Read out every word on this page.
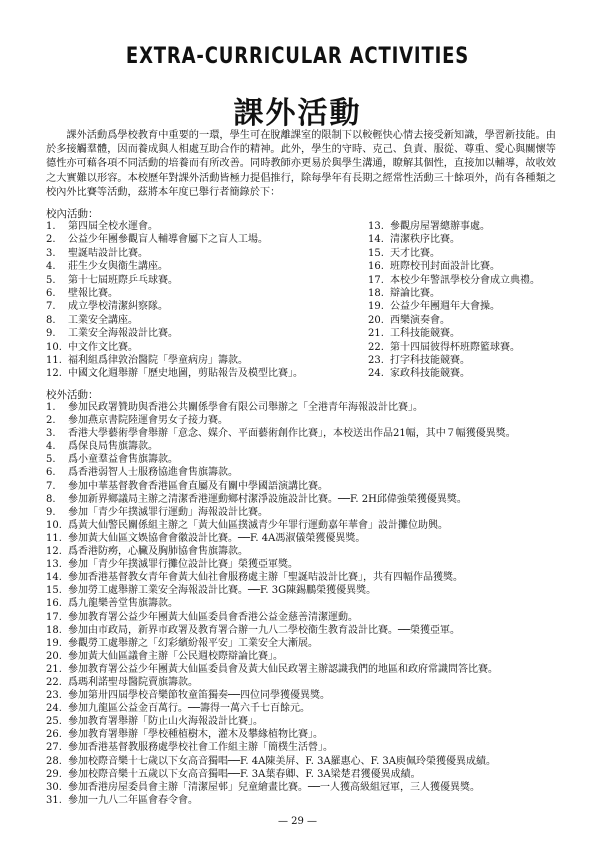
EXTRA-CURRICULAR ACTIVITIES
課外活動

課外活動爲學校教育中重要的一環，學生可在脫離課室的限制下以較輕快心情去接受新知識，學習新技能。由於多接觸羣體，因而養成與人相處互助合作的精神。此外，學生的守時、克己、負責、服從、尊重、愛心與關懷等德性亦可藉各項不同活動的培養而有所改善。同時教師亦更易於與學生溝通，瞭解其個性，直接加以輔導，故收效之大實難以形容。本校歷年對課外活動皆極力提倡推行，除每學年有長期之經常性活動三十餘項外，尚有各種類之校內外比賽等活動，茲將本年度已舉行者簡錄於下：

校內活動：
1.	第四屆全校水運會。
2.	公益少年團參觀盲人輔導會屬下之盲人工場。
3.	聖誕咭設計比賽。
4.	莊生少女與衞生講座。
5.	第十七屆班際乒乓球賽。
6.	壁報比賽。
7.	成立學校清潔糾察隊。
8.	工業安全講座。
9.	工業安全海報設計比賽。
10. 中文作文比賽。
11. 福利組爲律敦治醫院「學童病房」籌款。
12. 中國文化週舉辦「歷史地圖，剪貼報告及模型比賽」。
13. 參觀房屋署總辦事處。
14. 清潔秩序比賽。
15. 天才比賽。
16. 班際校刊封面設計比賽。
17. 本校少年警訊學校分會成立典禮。
18. 辯論比賽。
19. 公益少年團週年大會操。
20. 西樂演奏會。
21. 工科技能競賽。
22. 第十四屆彼得杯班際籃球賽。
23. 打字科技能競賽。
24. 家政科技能競賽。
校外活動：
1.	參加民政署贊助與香港公共關係學會有限公司舉辦之「全港青年海報設計比賽」。
2.	參加燕京書院陸運會男女子接力賽。
3.	香港大學藝術學會舉辦「意念、媒介、平面藝術創作比賽」，本校送出作品21幅，其中７幅獲優異獎。
4.	爲保良局售旗籌款。
5.	爲小童羣益會售旗籌款。
6.	爲香港弱智人士服務協進會售旗籌款。
7.	參加中華基督教會香港區會直屬及有關中學國語演講比賽。
8.	參加新界鄉議局主辦之清潔香港運動鄉村潔淨設施設計比賽。──F. 2H邱偉強榮獲優異獎。
9.	參加「青少年撲滅罪行運動」海報設計比賽。
10. 爲黃大仙警民關係組主辦之「黃大仙區撲滅青少年罪行運動嘉年華會」設計攤位助興。
11. 參加黃大仙區文娛協會會徽設計比賽。──F. 4A馮淑儀榮獲優異獎。
12. 爲香港防癆，心臟及胸肺協會售旗籌款。
13. 參加「青少年撲滅罪行攤位設計比賽」榮獲亞軍獎。
14. 參加香港基督教女青年會黃大仙社會服務處主辦「聖誕咭設計比賽」，共有四幅作品獲獎。
15. 參加勞工處舉辦工業安全海報設計比賽。──F. 3G陳錫鵬榮獲優異獎。
16. 爲九龍樂善堂售旗籌款。
17. 參加教育署公益少年團黃大仙區委員會香港公益金慈善清潔運動。
18. 參加由市政局，新界市政署及教育署合辦一九八二學校衞生教育設計比賽。──榮獲亞軍。
19. 參觀勞工處舉辦之「幻彩繽紛報平安」工業安全大漸展。
20. 參加黃大仙區議會主辦「公民週校際辯論比賽」。
21. 參加教育署公益少年團黃大仙區委員會及黃大仙民政署主辦認識我們的地區和政府常識問答比賽。
22. 爲瑪利諾聖母醫院賣旗籌款。
23. 參加第卅四屆學校音樂節牧童笛獨奏──四位同學獲優異獎。
24. 參加九龍區公益金百萬行。──籌得一萬六千七百餘元。
25. 參加教育署舉辦「防止山火海報設計比賽」。
26. 參加教育署舉辦「學校種植樹木，灌木及攀緣植物比賽」。
27. 參加香港基督教服務處學校社會工作組主辦「簡樸生活營」。
28. 參加校際音樂十七歲以下女高音獨唱──F. 4A陳美屏、F. 3A羅惠心、F. 3A庾佩玲榮獲優異成績。
29. 參加校際音樂十五歲以下女高音獨唱──F. 3A葉春卿、F. 3A梁楚君獲優異成績。
30. 參加香港房屋委員會主辦「清潔屋邨」兒童繪畫比賽。──一人獲高級組冠軍，三人獲優異獎。
31. 參加一九八二年區會春令會。
— 29 —
